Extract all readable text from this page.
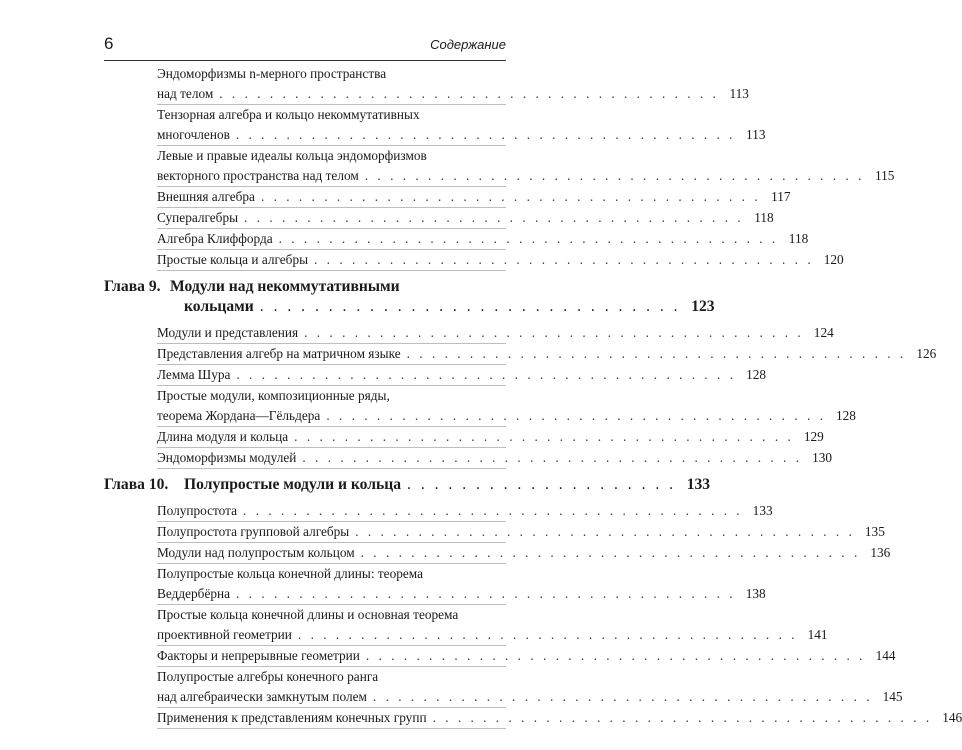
6	Содержание
Эндоморфизмы n-мерного пространства
над телом . . . . . . . . . . . . . . . . . . . . . . . . . . . . . . . . . . . . . . . . 113
Тензорная алгебра и кольцо некоммутативных
многочленов . . . . . . . . . . . . . . . . . . . . . . . . . . . . . . . . . . . . . . . . 113
Левые и правые идеалы кольца эндоморфизмов
векторного пространства над телом . . . . . . . . . . . . . . . . . . . . . . . . . . . . . . . . . . . . . . . . 115
Внешняя алгебра . . . . . . . . . . . . . . . . . . . . . . . . . . . . . . . . . . . . . . . . 117
Супералгебры . . . . . . . . . . . . . . . . . . . . . . . . . . . . . . . . . . . . . . . . 118
Алгебра Клиффорда . . . . . . . . . . . . . . . . . . . . . . . . . . . . . . . . . . . . . . . . 118
Простые кольца и алгебры . . . . . . . . . . . . . . . . . . . . . . . . . . . . . . . . . . . . . . . . 120
Глава 9. Модули над некоммутативными
кольцами . . . . . . . . . . . . . . . . . . . . . . . . . . . . . . . 123
Модули и представления . . . . . . . . . . . . . . . . . . . . . . . . . . . . . . . . . . . . . . . . 124
Представления алгебр на матричном языке . . . . . . . . . . . . . . . . . . . . . . . . . . . . . . . . . . . . . . . . 126
Лемма Шура . . . . . . . . . . . . . . . . . . . . . . . . . . . . . . . . . . . . . . . . 128
Простые модули, композиционные ряды,
теорема Жордана—Гёльдера . . . . . . . . . . . . . . . . . . . . . . . . . . . . . . . . . . . . . . . . 128
Длина модуля и кольца . . . . . . . . . . . . . . . . . . . . . . . . . . . . . . . . . . . . . . . . 129
Эндоморфизмы модулей . . . . . . . . . . . . . . . . . . . . . . . . . . . . . . . . . . . . . . . . 130
Глава 10.	Полупростые модули и кольца . . . . . . . . . . . . . . . . . . . . 133
Полупростота . . . . . . . . . . . . . . . . . . . . . . . . . . . . . . . . . . . . . . . . 133
Полупростота групповой алгебры . . . . . . . . . . . . . . . . . . . . . . . . . . . . . . . . . . . . . . . . 135
Модули над полупростым кольцом . . . . . . . . . . . . . . . . . . . . . . . . . . . . . . . . . . . . . . . . 136
Полупростые кольца конечной длины: теорема
Веддербёрна . . . . . . . . . . . . . . . . . . . . . . . . . . . . . . . . . . . . . . . . 138
Простые кольца конечной длины и основная теорема
проективной геометрии . . . . . . . . . . . . . . . . . . . . . . . . . . . . . . . . . . . . . . . . 141
Факторы и непрерывные геометрии . . . . . . . . . . . . . . . . . . . . . . . . . . . . . . . . . . . . . . . . 144
Полупростые алгебры конечного ранга
над алгебраически замкнутым полем . . . . . . . . . . . . . . . . . . . . . . . . . . . . . . . . . . . . . . . . 145
Применения к представлениям конечных групп . . . . . . . . . . . . . . . . . . . . . . . . . . . . . . . . . . . . . . . . 146
